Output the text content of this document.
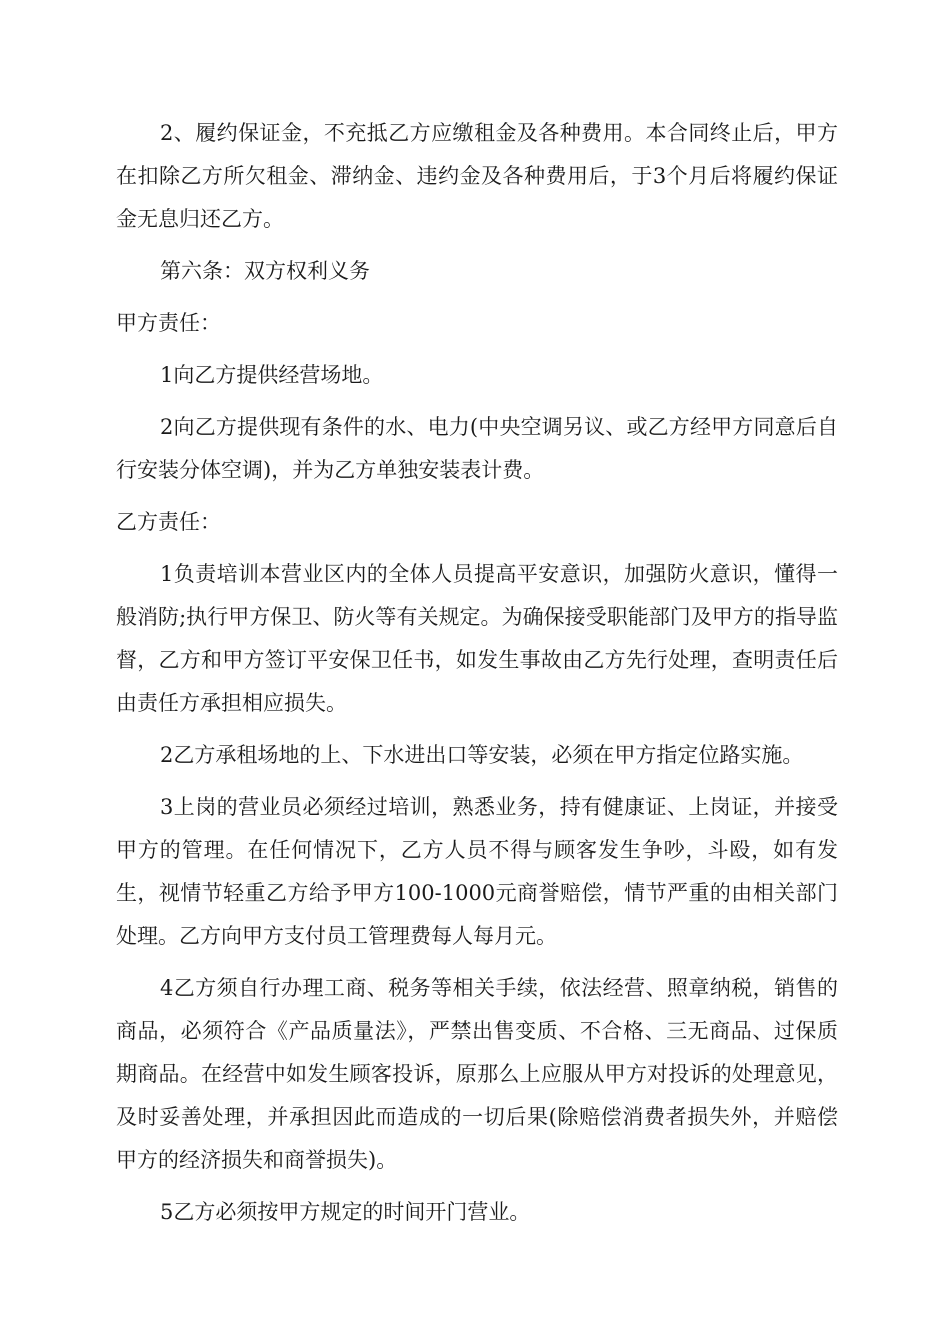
2、履约保证金，不充抵乙方应缴租金及各种费用。本合同终止后，甲方在扣除乙方所欠租金、滞纳金、违约金及各种费用后，于3个月后将履约保证金无息归还乙方。

第六条：双方权利义务

甲方责任：

1向乙方提供经营场地。

2向乙方提供现有条件的水、电力(中央空调另议、或乙方经甲方同意后自行安装分体空调)，并为乙方单独安装表计费。

乙方责任：

1负责培训本营业区内的全体人员提高平安意识，加强防火意识，懂得一般消防;执行甲方保卫、防火等有关规定。为确保接受职能部门及甲方的指导监督，乙方和甲方签订平安保卫任书，如发生事故由乙方先行处理，查明责任后由责任方承担相应损失。

2乙方承租场地的上、下水进出口等安装，必须在甲方指定位路实施。

3上岗的营业员必须经过培训，熟悉业务，持有健康证、上岗证，并接受甲方的管理。在任何情况下，乙方人员不得与顾客发生争吵，斗殴，如有发生，视情节轻重乙方给予甲方100-1000元商誉赔偿，情节严重的由相关部门处理。乙方向甲方支付员工管理费每人每月元。

4乙方须自行办理工商、税务等相关手续，依法经营、照章纳税，销售的商品，必须符合《产品质量法》，严禁出售变质、不合格、三无商品、过保质期商品。在经营中如发生顾客投诉，原那么上应服从甲方对投诉的处理意见，及时妥善处理，并承担因此而造成的一切后果(除赔偿消费者损失外，并赔偿甲方的经济损失和商誉损失)。

5乙方必须按甲方规定的时间开门营业。
